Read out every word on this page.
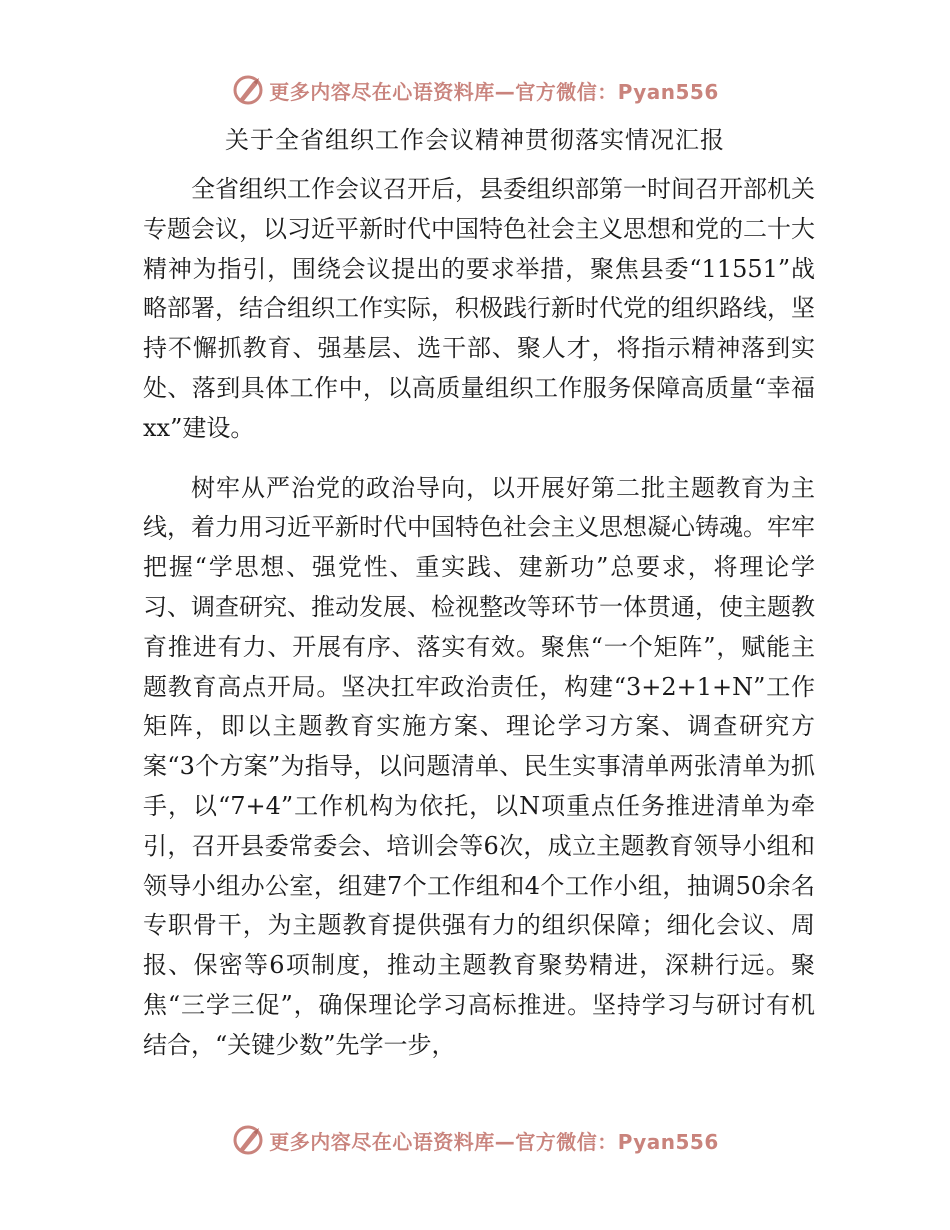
更多内容尽在心语资料库—官方微信：Pyan556
关于全省组织工作会议精神贯彻落实情况汇报

全省组织工作会议召开后，县委组织部第一时间召开部机关专题会议，以习近平新时代中国特色社会主义思想和党的二十大精神为指引，围绕会议提出的要求举措，聚焦县委“11551”战略部署，结合组织工作实际，积极践行新时代党的组织路线，坚持不懈抓教育、强基层、选干部、聚人才，将指示精神落到实处、落到具体工作中，以高质量组织工作服务保障高质量“幸福xx”建设。

树牢从严治党的政治导向，以开展好第二批主题教育为主线，着力用习近平新时代中国特色社会主义思想凝心铸魂。牢牢把握“学思想、强党性、重实践、建新功”总要求，将理论学习、调查研究、推动发展、检视整改等环节一体贯通，使主题教育推进有力、开展有序、落实有效。聚焦“一个矩阵”，赋能主题教育高点开局。坚决扛牢政治责任，构建“3+2+1+N”工作矩阵，即以主题教育实施方案、理论学习方案、调查研究方案“3个方案”为指导，以问题清单、民生实事清单两张清单为抓手，以“7+4”工作机构为依托，以N项重点任务推进清单为牵引，召开县委常委会、培训会等6次，成立主题教育领导小组和领导小组办公室，组建7个工作组和4个工作小组，抽调50余名专职骨干，为主题教育提供强有力的组织保障；细化会议、周报、保密等6项制度，推动主题教育聚势精进，深耕行远。聚焦“三学三促”，确保理论学习高标推进。坚持学习与研讨有机结合，“关键少数”先学一步，

更多内容尽在心语资料库—官方微信：Pyan556
